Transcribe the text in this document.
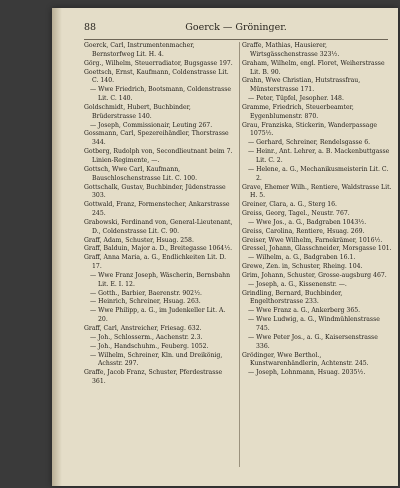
88	Goerck — Gröninger.

Goerck, Carl, Instrumentenmacher, Bernstorfweg Lit. H. 4.

Görg., Wilhelm, Steuerradiator, Bugsgasse 197.

Goettsch, Ernst, Kaufmann, Coldenstrasse Lit. C. 140.

— Wwe Friedrich, Bootsmann, Coldenstrasse Lit. C. 140.

Goldschmidt, Hubert, Buchbinder, Brüderstrasse 140.

— Joseph, Commissionair, Leuting 267.

Gossmann, Carl, Spezereihändler, Thorstrasse 344.

Gotberg, Rudolph von, Secondlieutnant beim 7. Linien-Regimente, —.

Gottsch, Wwe Carl, Kaufmann, Bauschloschenstrasse Lit. C. 100.

Gottschalk, Gustav, Buchbinder, Jüdenstrasse 303.

Gottwald, Franz, Formenstecher, Ankarstrasse 245.

Grabowski, Ferdinand von, General-Lieutenant, D., Coldenstrasse Lit. C. 90.

Graff, Adam, Schuster, Hsuag. 258.

Graff, Balduin, Major a. D., Breitegasse 1064½.

Graff, Anna Maria, a. G., Endlichkeiten Lit. D. 17.

— Wwe Franz Joseph, Wäscherin, Bernsbahn Lit. E. I. 12.

— Gotth., Barbier, Baerenstr. 902½.

— Heinrich, Schreiner, Hsuag. 263.

— Wwe Philipp, a. G., im Judenkeller Lit. A. 20.

Graff, Carl, Anstreicher, Friesag. 632.

— Joh., Schlosserm., Aachenstr. 2.3.

— Joh., Handschuhm., Feuberg. 1052.

— Wilhelm, Schreiner, Kln. und Dreikönig, Achsstr. 297.

Graffe, Jacob Franz, Schuster, Pferdestrasse 361.

Graffe, Mathias, Hausierer, Wirtsgässchenstrasse 323½.

Graham, Wilhelm, engl. Floret, Weiherstrasse Lit. B. 90.

Grahn, Wwe Christian, Hutstrassfrau, Münsterstrasse 171.

— Peter, Tüpfel, Jesopher. 148.

Gramme, Friedrich, Steuerbeamter, Eygenblumenstr. 870.

Grau, Franziska, Stickerin, Wanderpassage 1075½.

— Gerhard, Schreiner, Rendelsgasse 6.

— Heinr., Ant. Lehrer, a. B. Mackenbuttgasse Lit. C. 2.

— Helene, a. G., Mechanikusmeisterin Lit. C. 2.

Grave, Ehemer Wilh., Rentiere, Waldstrasse Lit. H. 5.

Greiner, Clara, a. G., Sterg 16.

Greiss, Georg, Tagel., Neustr. 767.

— Wwe Jos., a. G., Badgraben 1043½.

Greiss, Carolina, Rentiere, Hsuag. 269.

Greiser, Wwe Wilhelm, Farnekrämer, 1016½.

Gressel, Johann, Glasschneider, Morsgasse 101.

— Wilhelm, a. G., Badgraben 16.1.

Grewe, Zen. in, Schuster, Rheing. 104.

Grim, Johann, Schuster, Grosse-augsburg 467.

— Joseph, a. G., Kissenenstr. —.

Grindling, Bernard, Buchbinder, Engelthorstrasse 233.

— Wwe Franz a. G., Ankerberg 365.

— Wwe Ludwig, a. G., Windmühlenstrasse 745.

— Wwe Peter Jos., a. G., Kaisersenstrasse 336.

Grödinger, Wwe Berthol., Kunstwarenhändlerin, Achtenstr. 245.

— Joseph, Lohnmann, Hsuag. 2035½.
